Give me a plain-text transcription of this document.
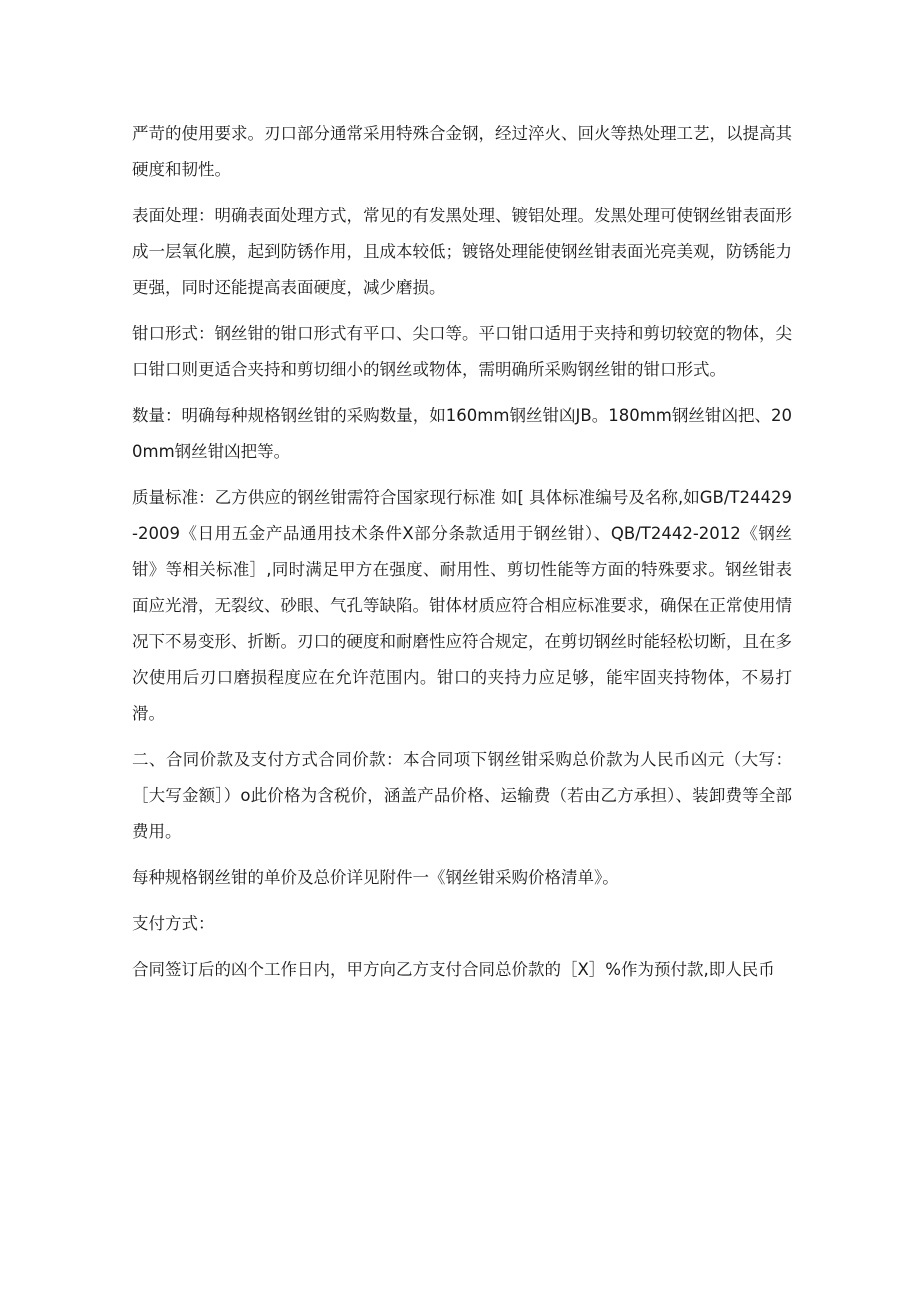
严苛的使用要求。刃口部分通常采用特殊合金钢，经过淬火、回火等热处理工艺，以提高其硬度和韧性。

表面处理：明确表面处理方式，常见的有发黑处理、镀铝处理。发黑处理可使钢丝钳表面形成一层氧化膜，起到防锈作用，且成本较低；镀铬处理能使钢丝钳表面光亮美观，防锈能力更强，同时还能提高表面硬度，减少磨损。

钳口形式：钢丝钳的钳口形式有平口、尖口等。平口钳口适用于夹持和剪切较宽的物体，尖口钳口则更适合夹持和剪切细小的钢丝或物体，需明确所采购钢丝钳的钳口形式。

数量：明确每种规格钢丝钳的采购数量，如160mm钢丝钳凶JB。180mm钢丝钳凶把、200mm钢丝钳凶把等。

质量标准：乙方供应的钢丝钳需符合国家现行标准 如[ 具体标准编号及名称,如GB/T24429-2009《日用五金产品通用技术条件X部分条款适用于钢丝钳）、QB/T2442-2012《钢丝钳》等相关标准］,同时满足甲方在强度、耐用性、剪切性能等方面的特殊要求。钢丝钳表面应光滑，无裂纹、砂眼、气孔等缺陷。钳体材质应符合相应标准要求，确保在正常使用情况下不易变形、折断。刃口的硬度和耐磨性应符合规定，在剪切钢丝时能轻松切断，且在多次使用后刃口磨损程度应在允许范围内。钳口的夹持力应足够，能牢固夹持物体，不易打滑。

二、合同价款及支付方式合同价款：本合同项下钢丝钳采购总价款为人民币凶元（大写：［大写金额］）o此价格为含税价，涵盖产品价格、运输费（若由乙方承担）、装卸费等全部费用。

每种规格钢丝钳的单价及总价详见附件一《钢丝钳采购价格清单》。

支付方式：

合同签订后的凶个工作日内，甲方向乙方支付合同总价款的［X］%作为预付款,即人民币
